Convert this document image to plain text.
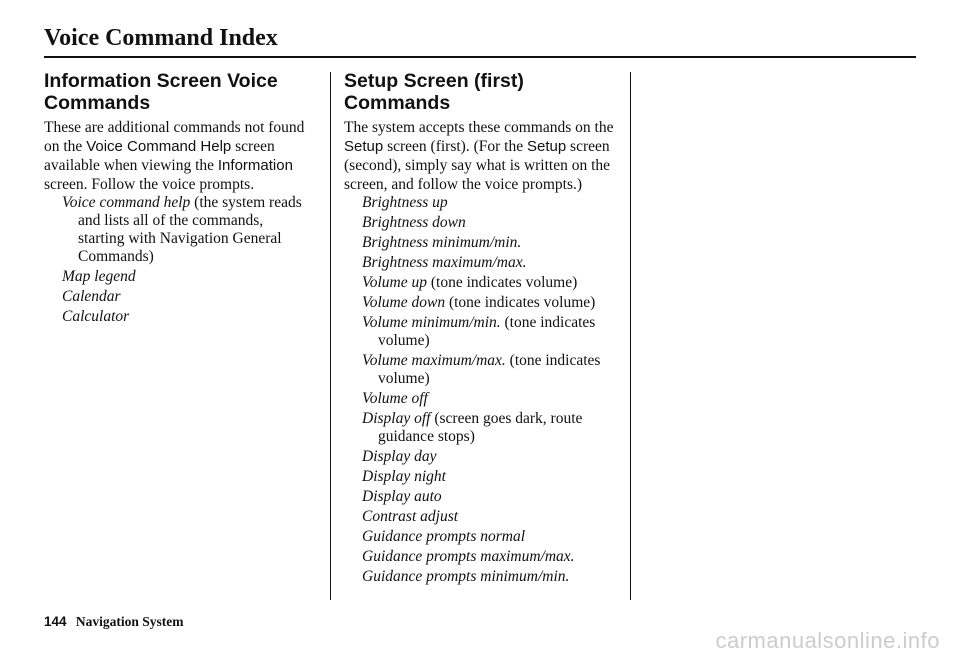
Voice Command Index
Information Screen Voice Commands

These are additional commands not found on the Voice Command Help screen available when viewing the Information screen. Follow the voice prompts.

Voice command help (the system reads and lists all of the commands, starting with Navigation General Commands)
Map legend
Calendar
Calculator
Setup Screen (first) Commands

The system accepts these commands on the Setup screen (first). (For the Setup screen (second), simply say what is written on the screen, and follow the voice prompts.)

Brightness up
Brightness down
Brightness minimum/min.
Brightness maximum/max.
Volume up (tone indicates volume)
Volume down (tone indicates volume)
Volume minimum/min. (tone indicates volume)
Volume maximum/max. (tone indicates volume)
Volume off
Display off (screen goes dark, route guidance stops)
Display day
Display night
Display auto
Contrast adjust
Guidance prompts normal
Guidance prompts maximum/max.
Guidance prompts minimum/min.

144 Navigation System

carmanualsonline.info
